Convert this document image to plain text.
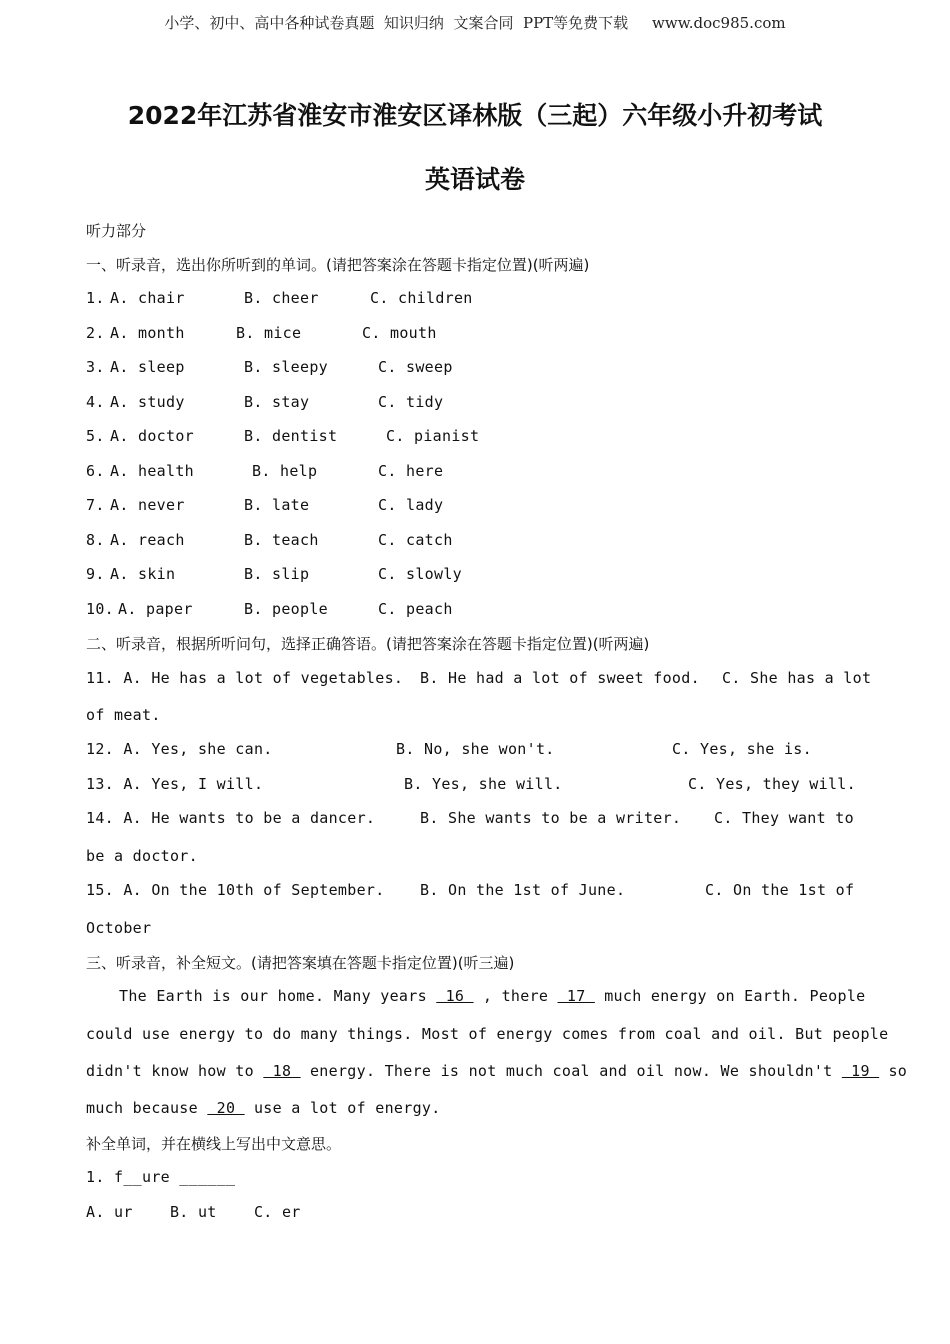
小学、初中、高中各种试卷真题  知识归纳  文案合同  PPT等免费下载     www.doc985.com
2022年江苏省淮安市淮安区译林版（三起）六年级小升初考试
英语试卷
听力部分
一、听录音，选出你所听到的单词。(请把答案涂在答题卡指定位置)(听两遍)
1. A. chair	B. cheer	C. children
2. A. month	B. mice	C. mouth
3. A. sleep	B. sleepy	C. sweep
4. A. study	B. stay	C. tidy
5. A. doctor	B. dentist	C. pianist
6. A. health	B. help	C. here
7. A. never	B. late	C. lady
8. A. reach	B. teach	C. catch
9. A. skin	B. slip	C. slowly
10. A. paper	B. people	C. peach
二、听录音，根据所听问句，选择正确答语。(请把答案涂在答题卡指定位置)(听两遍)
11. A. He has a lot of vegetables. B. He had a lot of sweet food. C. She has a lot
of meat.
12. A. Yes, she can.	B. No, she won't.	C. Yes, she is.
13. A. Yes, I will.	B. Yes, she will.	C. Yes, they will.
14. A. He wants to be a dancer.	B. She wants to be a writer. C. They want to
be a doctor.
15. A. On the 10th of September. B. On the 1st of June.	C. On the 1st of
October
三、听录音，补全短文。(请把答案填在答题卡指定位置)(听三遍)
The Earth is our home. Many years  16  , there  17  much energy on Earth. People
could use energy to do many things. Most of energy comes from coal and oil. But people
didn't know how to  18  energy. There is not much coal and oil now. We shouldn't  19  so
much because  20  use a lot of energy.
补全单词，并在横线上写出中文意思。
1. f__ure ______
A. ur    B. ut    C. er
